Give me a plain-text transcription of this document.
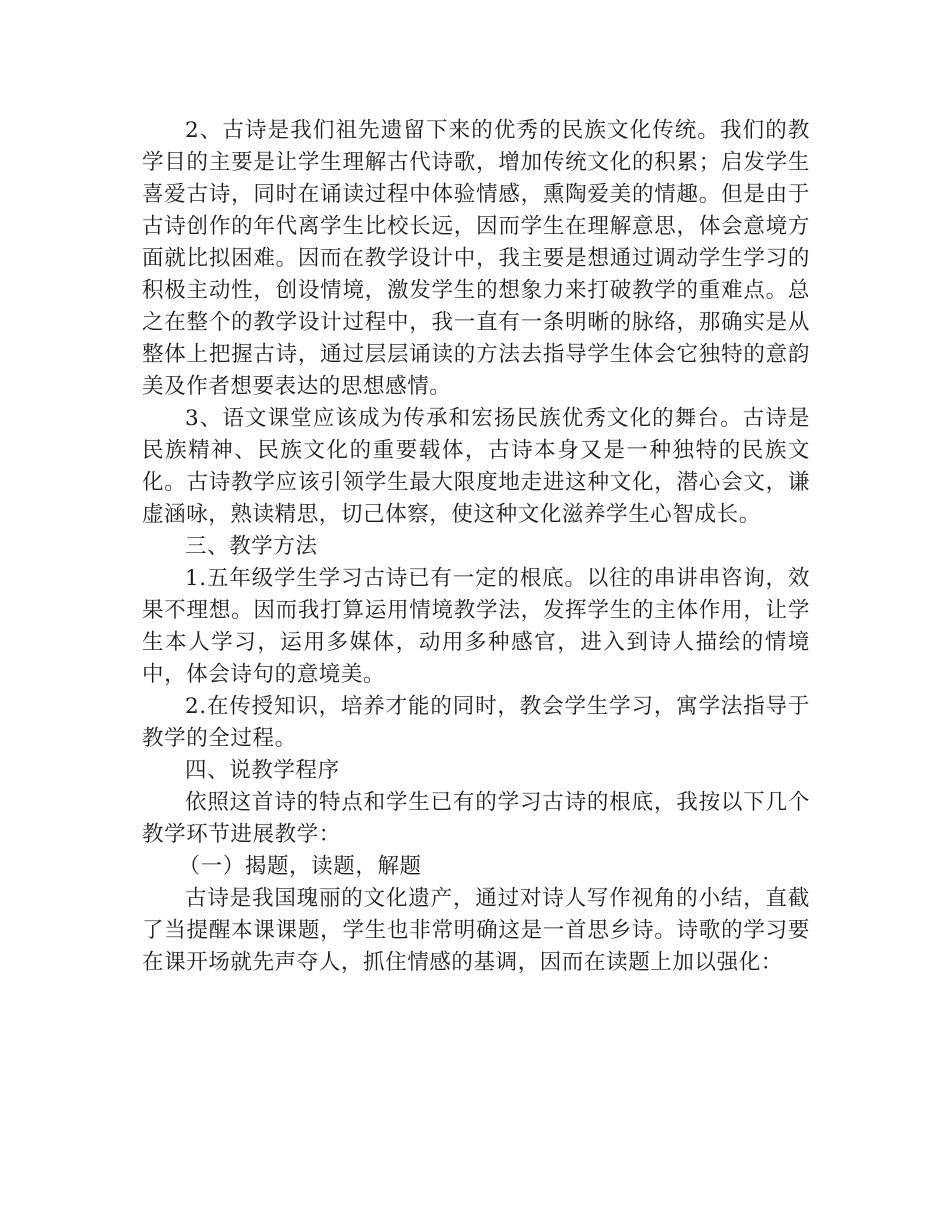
2、古诗是我们祖先遗留下来的优秀的民族文化传统。我们的教学目的主要是让学生理解古代诗歌，增加传统文化的积累；启发学生喜爱古诗，同时在诵读过程中体验情感，熏陶爱美的情趣。但是由于古诗创作的年代离学生比校长远，因而学生在理解意思，体会意境方面就比拟困难。因而在教学设计中，我主要是想通过调动学生学习的积极主动性，创设情境，激发学生的想象力来打破教学的重难点。总之在整个的教学设计过程中，我一直有一条明晰的脉络，那确实是从整体上把握古诗，通过层层诵读的方法去指导学生体会它独特的意韵美及作者想要表达的思想感情。

3、语文课堂应该成为传承和宏扬民族优秀文化的舞台。古诗是民族精神、民族文化的重要载体，古诗本身又是一种独特的民族文化。古诗教学应该引领学生最大限度地走进这种文化，潜心会文，谦虚涵咏，熟读精思，切己体察，使这种文化滋养学生心智成长。

三、教学方法

1.五年级学生学习古诗已有一定的根底。以往的串讲串咨询，效果不理想。因而我打算运用情境教学法，发挥学生的主体作用，让学生本人学习，运用多媒体，动用多种感官，进入到诗人描绘的情境中，体会诗句的意境美。

2.在传授知识，培养才能的同时，教会学生学习，寓学法指导于教学的全过程。

四、说教学程序

依照这首诗的特点和学生已有的学习古诗的根底，我按以下几个教学环节进展教学：

（一）揭题，读题，解题

古诗是我国瑰丽的文化遗产，通过对诗人写作视角的小结，直截了当提醒本课课题，学生也非常明确这是一首思乡诗。诗歌的学习要在课开场就先声夺人，抓住情感的基调，因而在读题上加以强化：
